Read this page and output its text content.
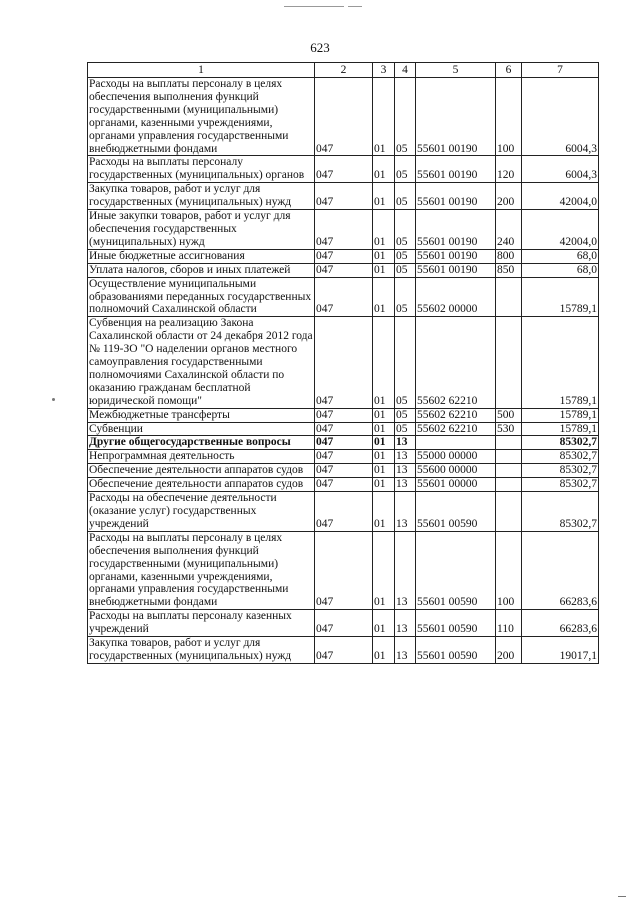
623
1	2	3	4	5	6	7
Расходы на выплаты персоналу в целях обеспечения выполнения функций государственными (муниципальными) органами, казенными учреждениями, органами управления государственными внебюджетными фондами	047	01	05	55601 00190	100	6004,3
Расходы на выплаты персоналу государственных (муниципальных) органов	047	01	05	55601 00190	120	6004,3
Закупка товаров, работ и услуг для государственных (муниципальных) нужд	047	01	05	55601 00190	200	42004,0
Иные закупки товаров, работ и услуг для обеспечения государственных (муниципальных) нужд	047	01	05	55601 00190	240	42004,0
Иные бюджетные ассигнования	047	01	05	55601 00190	800	68,0
Уплата налогов, сборов и иных платежей	047	01	05	55601 00190	850	68,0
Осуществление муниципальными образованиями переданных государственных полномочий Сахалинской области	047	01	05	55602 00000		15789,1
Субвенция на реализацию Закона Сахалинской области от 24 декабря 2012 года № 119-ЗО "О наделении органов местного самоуправления государственными полномочиями Сахалинской области по оказанию гражданам бесплатной юридической помощи"	047	01	05	55602 62210		15789,1
Межбюджетные трансферты	047	01	05	55602 62210	500	15789,1
Субвенции	047	01	05	55602 62210	530	15789,1
Другие общегосударственные вопросы	047	01	13			85302,7
Непрограммная деятельность	047	01	13	55000 00000		85302,7
Обеспечение деятельности аппаратов судов	047	01	13	55600 00000		85302,7
Обеспечение деятельности аппаратов судов	047	01	13	55601 00000		85302,7
Расходы на обеспечение деятельности (оказание услуг) государственных учреждений	047	01	13	55601 00590		85302,7
Расходы на выплаты персоналу в целях обеспечения выполнения функций государственными (муниципальными) органами, казенными учреждениями, органами управления государственными внебюджетными фондами	047	01	13	55601 00590	100	66283,6
Расходы на выплаты персоналу казенных учреждений	047	01	13	55601 00590	110	66283,6
Закупка товаров, работ и услуг для государственных (муниципальных) нужд	047	01	13	55601 00590	200	19017,1
